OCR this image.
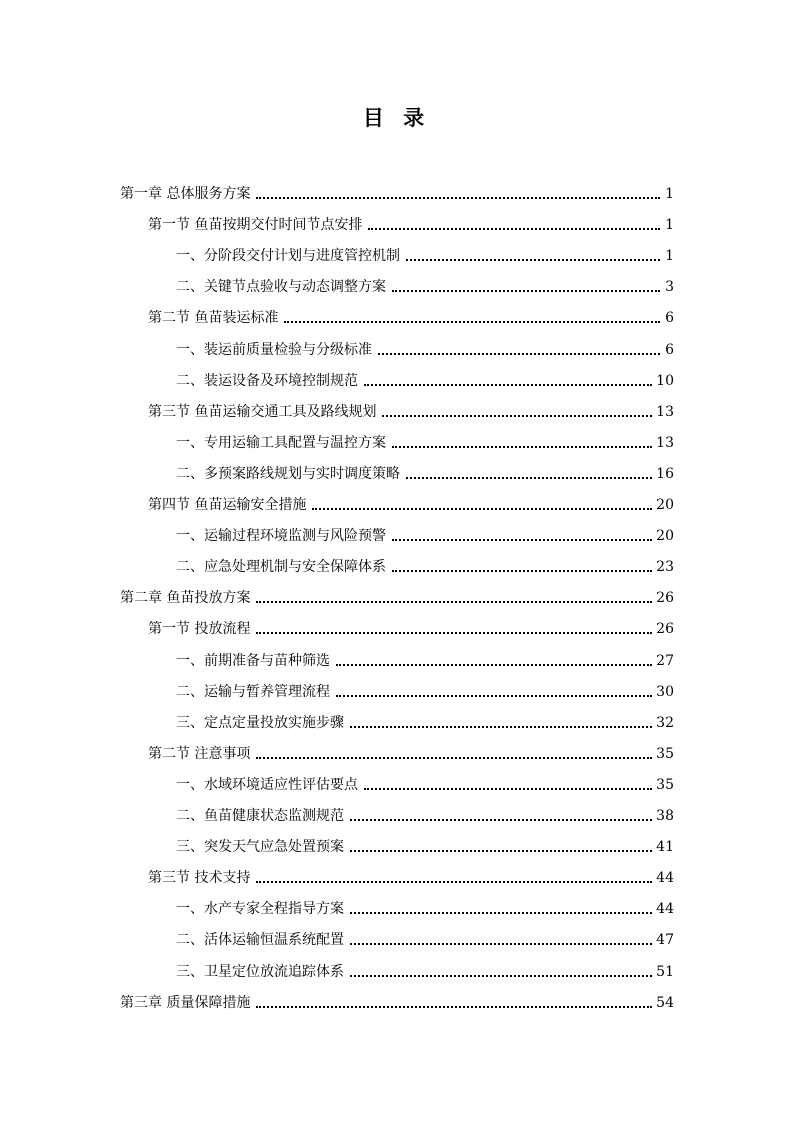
目 录
第一章 总体服务方案	1
第一节 鱼苗按期交付时间节点安排	1
一、分阶段交付计划与进度管控机制	1
二、关键节点验收与动态调整方案	3
第二节 鱼苗装运标准	6
一、装运前质量检验与分级标准	6
二、装运设备及环境控制规范	10
第三节 鱼苗运输交通工具及路线规划	13
一、专用运输工具配置与温控方案	13
二、多预案路线规划与实时调度策略	16
第四节 鱼苗运输安全措施	20
一、运输过程环境监测与风险预警	20
二、应急处理机制与安全保障体系	23
第二章 鱼苗投放方案	26
第一节 投放流程	26
一、前期准备与苗种筛选	27
二、运输与暂养管理流程	30
三、定点定量投放实施步骤	32
第二节 注意事项	35
一、水域环境适应性评估要点	35
二、鱼苗健康状态监测规范	38
三、突发天气应急处置预案	41
第三节 技术支持	44
一、水产专家全程指导方案	44
二、活体运输恒温系统配置	47
三、卫星定位放流追踪体系	51
第三章 质量保障措施	54
